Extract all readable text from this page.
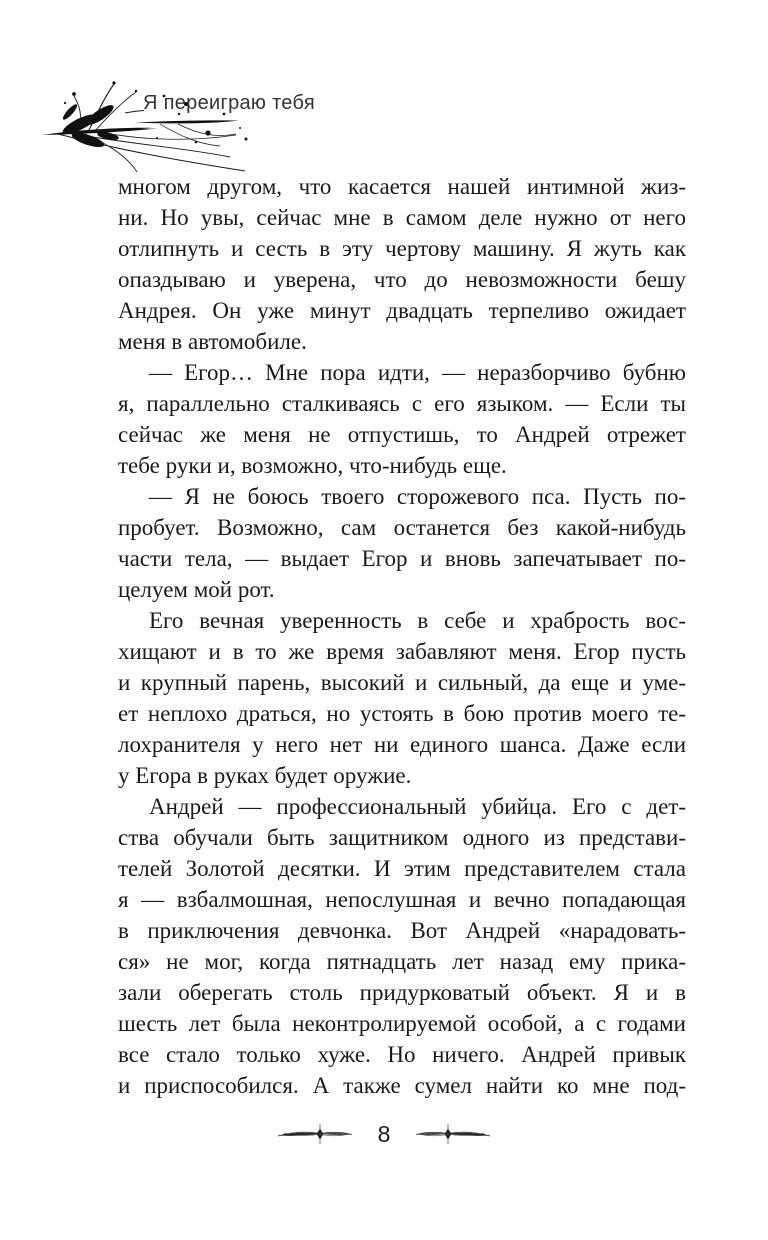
Я переиграю тебя
многом другом, что касается нашей интимной жиз-
ни. Но увы, сейчас мне в самом деле нужно от него
отлипнуть и сесть в эту чертову машину. Я жуть как
опаздываю и уверена, что до невозможности бешу
Андрея. Он уже минут двадцать терпеливо ожидает
меня в автомобиле.
— Егор… Мне пора идти, — неразборчиво бубню
я, параллельно сталкиваясь с его языком. — Если ты
сейчас же меня не отпустишь, то Андрей отрежет
тебе руки и, возможно, что-нибудь еще.
— Я не боюсь твоего сторожевого пса. Пусть по-
пробует. Возможно, сам останется без какой-нибудь
части тела, — выдает Егор и вновь запечатывает по-
целуем мой рот.
Его вечная уверенность в себе и храбрость вос-
хищают и в то же время забавляют меня. Егор пусть
и крупный парень, высокий и сильный, да еще и уме-
ет неплохо драться, но устоять в бою против моего те-
лохранителя у него нет ни единого шанса. Даже если
у Егора в руках будет оружие.
Андрей — профессиональный убийца. Его с дет-
ства обучали быть защитником одного из представи-
телей Золотой десятки. И этим представителем стала
я — взбалмошная, непослушная и вечно попадающая
в приключения девчонка. Вот Андрей «нарадовать-
ся» не мог, когда пятнадцать лет назад ему прика-
зали оберегать столь придурковатый объект. Я и в
шесть лет была неконтролируемой особой, а с годами
все стало только хуже. Но ничего. Андрей привык
и приспособился. А также сумел найти ко мне под-
8
